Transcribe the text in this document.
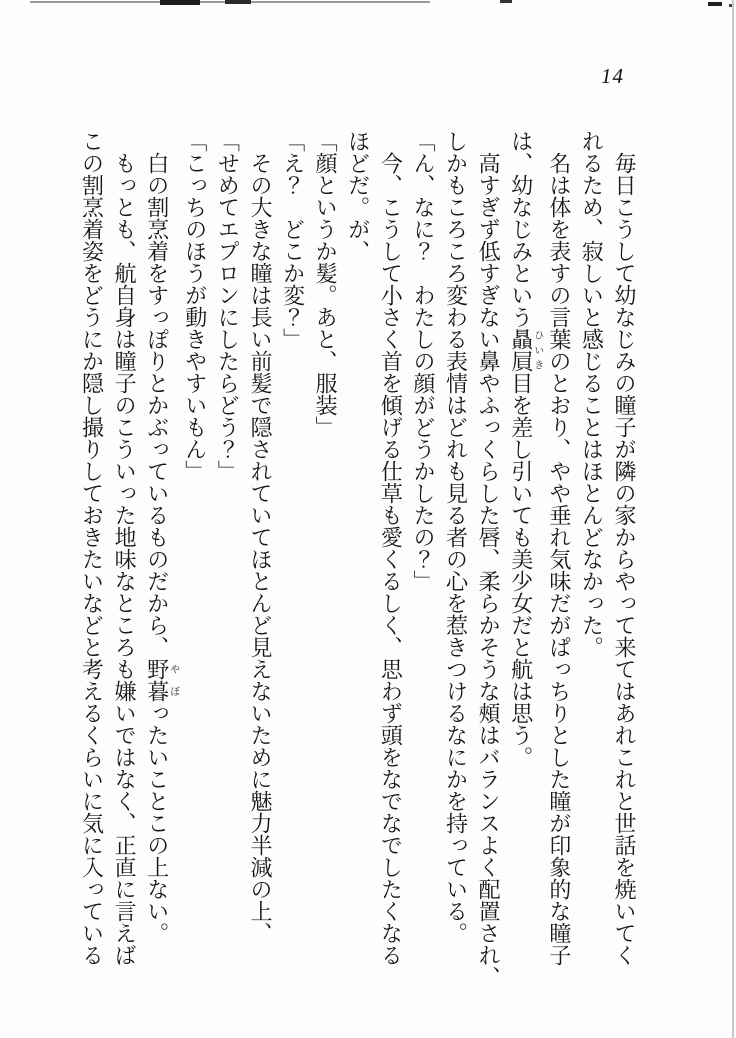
14

毎日こうして幼なじみの瞳子が隣の家からやって来てはあれこれと世話を焼いてく

れるため、寂しいと感じることはほとんどなかった。

名は体を表すの言葉のとおり、やや垂れ気味だがぱっちりとした瞳が印象的な瞳子

は、幼なじみという贔屓ひいき目を差し引いても美少女だと航は思う。

高すぎず低すぎない鼻やふっくらした唇、柔らかそうな頰はバランスよく配置され、

しかもころころ変わる表情はどれも見る者の心を惹きつけるなにかを持っている。

「ん、なに？　わたしの顔がどうかしたの？」

今、こうして小さく首を傾げる仕草も愛くるしく、思わず頭をなでなでしたくなる

ほどだ。が、

「顔というか髪。あと、服装」

「え？　どこか変？」

その大きな瞳は長い前髪で隠されていてほとんど見えないために魅力半減の上、

「せめてエプロンにしたらどう？」

「こっちのほうが動きやすいもん」

白の割烹着をすっぽりとかぶっているものだから、野暮やぼったいことこの上ない。

もっとも、航自身は瞳子のこういった地味なところも嫌いではなく、正直に言えば

この割烹着姿をどうにか隠し撮りしておきたいなどと考えるくらいに気に入っている
